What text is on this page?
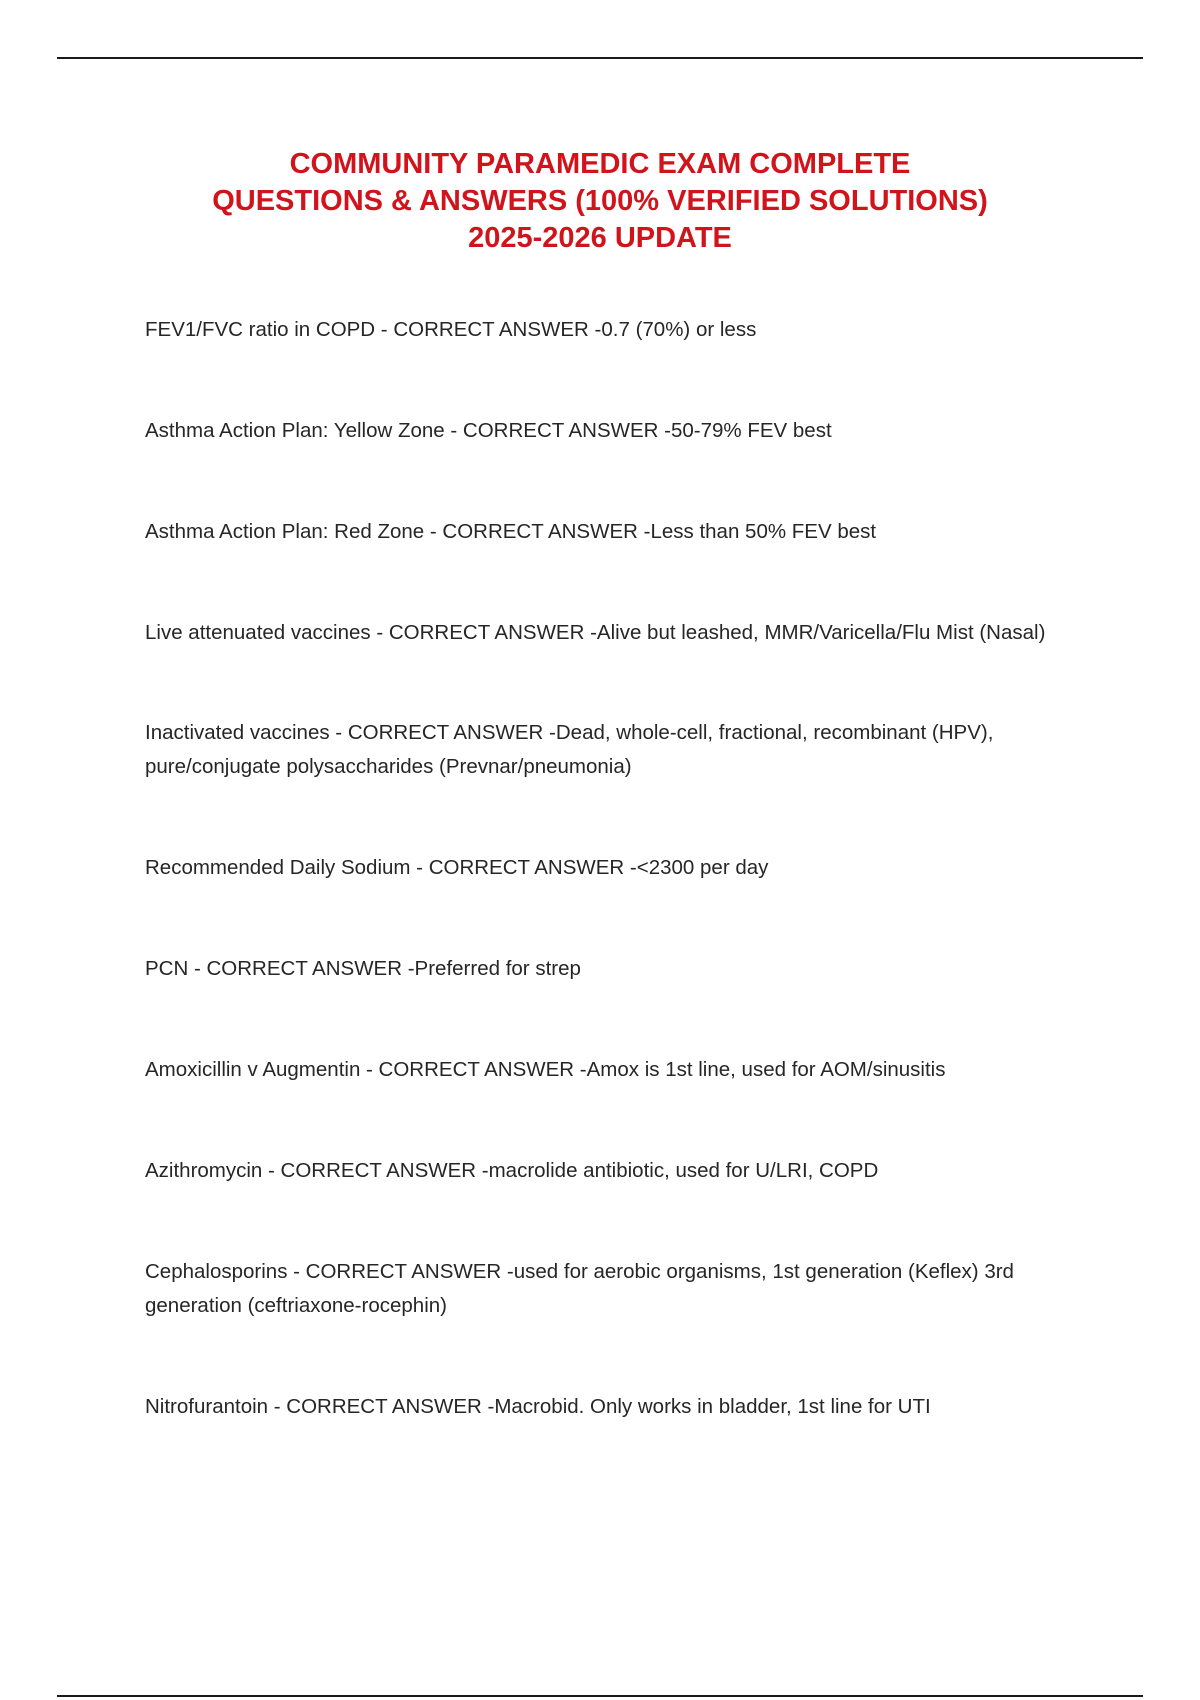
COMMUNITY PARAMEDIC EXAM COMPLETE
QUESTIONS & ANSWERS (100% VERIFIED SOLUTIONS)
2025-2026 UPDATE
FEV1/FVC ratio in COPD - CORRECT ANSWER -0.7 (70%) or less
Asthma Action Plan: Yellow Zone - CORRECT ANSWER -50-79% FEV best
Asthma Action Plan: Red Zone - CORRECT ANSWER -Less than 50% FEV best
Live attenuated vaccines - CORRECT ANSWER -Alive but leashed, MMR/Varicella/Flu Mist (Nasal)
Inactivated vaccines - CORRECT ANSWER -Dead, whole-cell, fractional, recombinant (HPV),
pure/conjugate polysaccharides (Prevnar/pneumonia)
Recommended Daily Sodium - CORRECT ANSWER -<2300 per day
PCN - CORRECT ANSWER -Preferred for strep
Amoxicillin v Augmentin - CORRECT ANSWER -Amox is 1st line, used for AOM/sinusitis
Azithromycin - CORRECT ANSWER -macrolide antibiotic, used for U/LRI, COPD
Cephalosporins - CORRECT ANSWER -used for aerobic organisms, 1st generation (Keflex) 3rd
generation (ceftriaxone-rocephin)
Nitrofurantoin - CORRECT ANSWER -Macrobid. Only works in bladder, 1st line for UTI
